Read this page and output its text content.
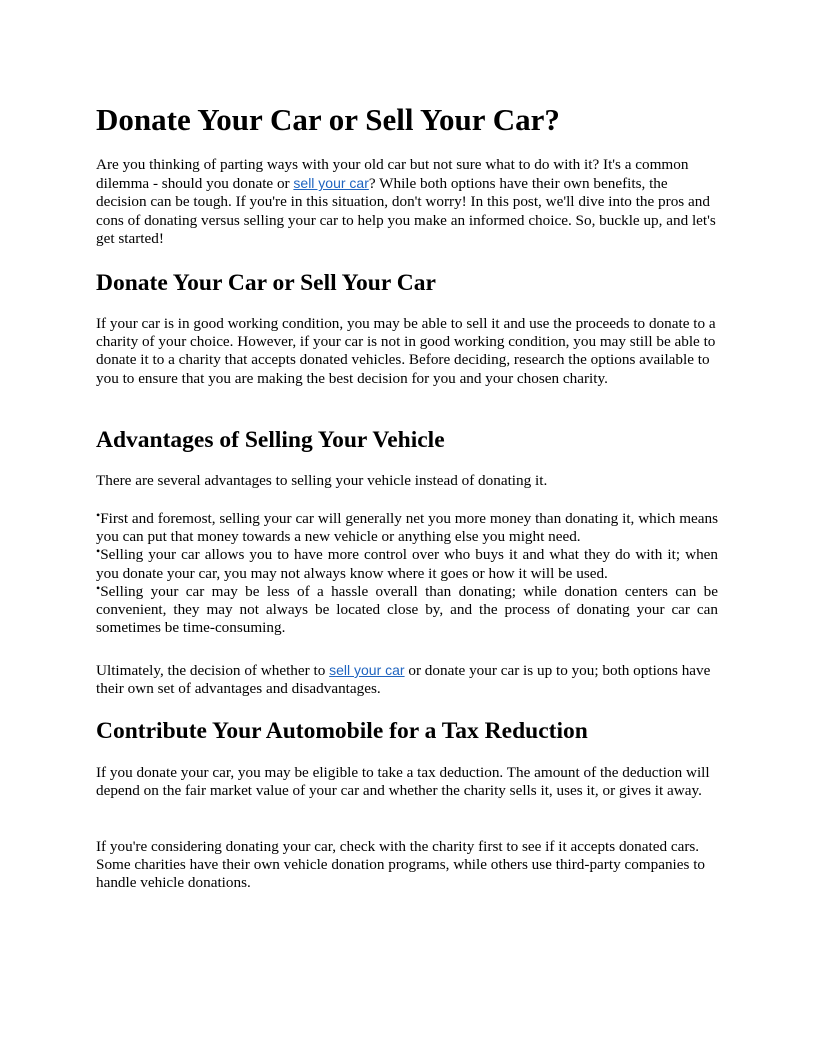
Donate Your Car or Sell Your Car?

Are you thinking of parting ways with your old car but not sure what to do with it? It's a common dilemma - should you donate or sell your car? While both options have their own benefits, the decision can be tough. If you're in this situation, don't worry! In this post, we'll dive into the pros and cons of donating versus selling your car to help you make an informed choice. So, buckle up, and let's get started!

Donate Your Car or Sell Your Car

If your car is in good working condition, you may be able to sell it and use the proceeds to donate to a charity of your choice. However, if your car is not in good working condition, you may still be able to donate it to a charity that accepts donated vehicles. Before deciding, research the options available to you to ensure that you are making the best decision for you and your chosen charity.

Advantages of Selling Your Vehicle

There are several advantages to selling your vehicle instead of donating it.

•First and foremost, selling your car will generally net you more money than donating it, which means you can put that money towards a new vehicle or anything else you might need.
•Selling your car allows you to have more control over who buys it and what they do with it; when you donate your car, you may not always know where it goes or how it will be used.
•Selling your car may be less of a hassle overall than donating; while donation centers can be convenient, they may not always be located close by, and the process of donating your car can sometimes be time-consuming.

Ultimately, the decision of whether to sell your car or donate your car is up to you; both options have their own set of advantages and disadvantages.

Contribute Your Automobile for a Tax Reduction

If you donate your car, you may be eligible to take a tax deduction. The amount of the deduction will depend on the fair market value of your car and whether the charity sells it, uses it, or gives it away.

If you're considering donating your car, check with the charity first to see if it accepts donated cars. Some charities have their own vehicle donation programs, while others use third-party companies to handle vehicle donations.
